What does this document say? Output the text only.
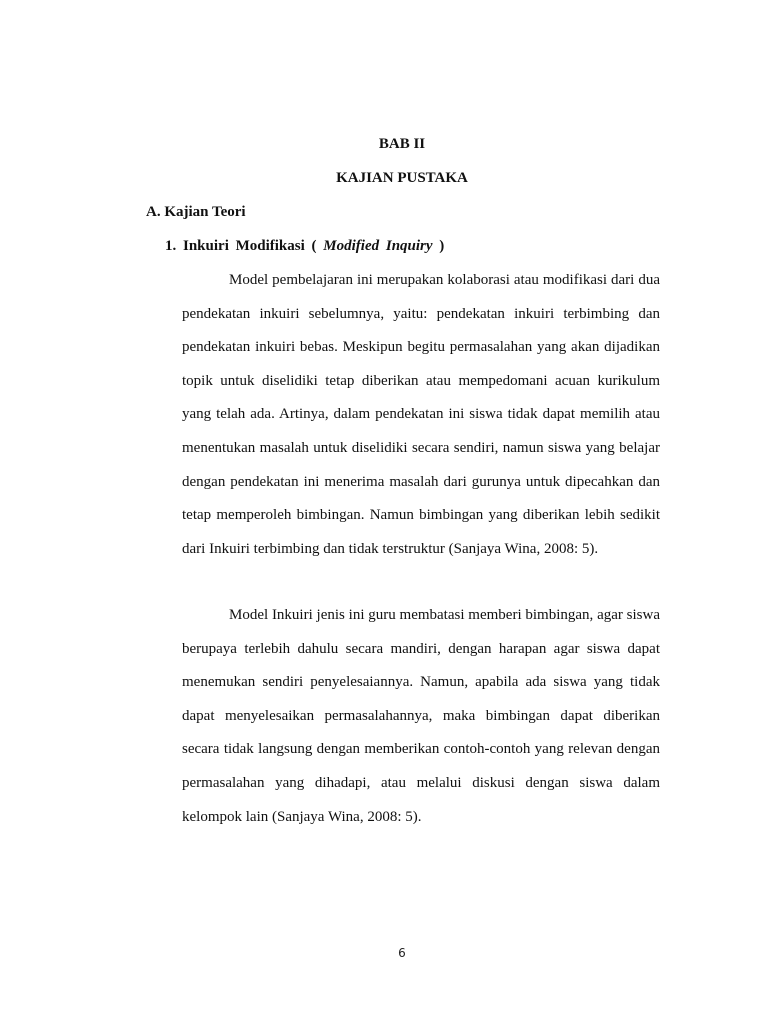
BAB II
KAJIAN PUSTAKA
A. Kajian Teori
1. Inkuiri Modifikasi ( Modified Inquiry )

Model pembelajaran ini merupakan kolaborasi atau modifikasi dari dua pendekatan inkuiri sebelumnya, yaitu: pendekatan inkuiri terbimbing dan pendekatan inkuiri bebas. Meskipun begitu permasalahan yang akan dijadikan topik untuk diselidiki tetap diberikan atau mempedomani acuan kurikulum yang telah ada. Artinya, dalam pendekatan ini siswa tidak dapat memilih atau menentukan masalah untuk diselidiki secara sendiri, namun siswa yang belajar dengan pendekatan ini menerima masalah dari gurunya untuk dipecahkan dan tetap memperoleh bimbingan. Namun bimbingan yang diberikan lebih sedikit dari Inkuiri terbimbing dan tidak terstruktur (Sanjaya Wina, 2008: 5).

Model Inkuiri jenis ini guru membatasi memberi bimbingan, agar siswa berupaya terlebih dahulu secara mandiri, dengan harapan agar siswa dapat menemukan sendiri penyelesaiannya. Namun, apabila ada siswa yang tidak dapat menyelesaikan permasalahannya, maka bimbingan dapat diberikan secara tidak langsung dengan memberikan contoh-contoh yang relevan dengan permasalahan yang dihadapi, atau melalui diskusi dengan siswa dalam kelompok lain (Sanjaya Wina, 2008: 5).

6
